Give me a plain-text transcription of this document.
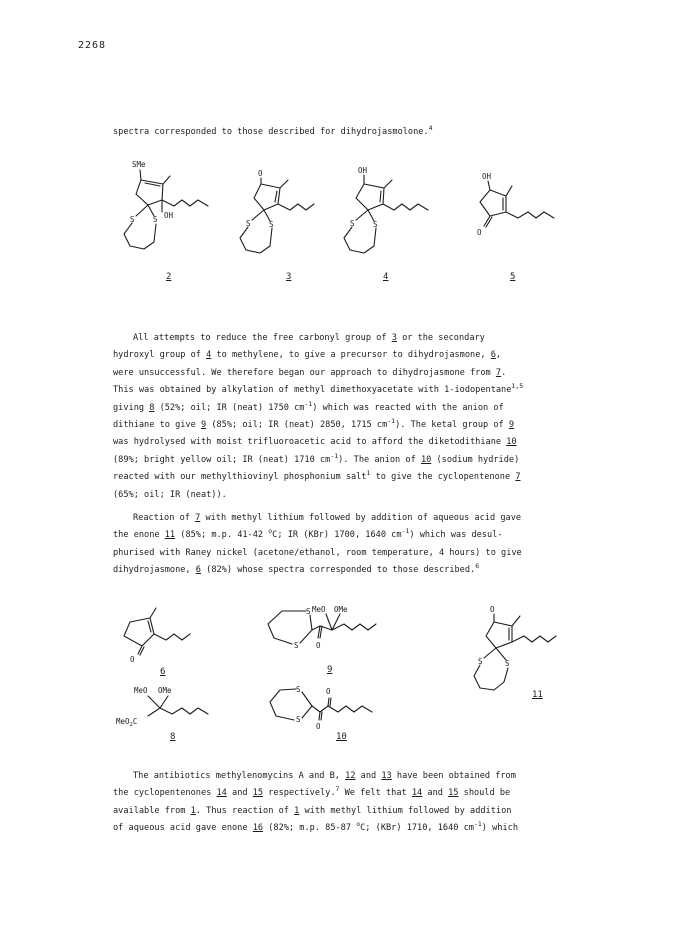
2268
spectra corresponded to those described for dihydrojasmolone.$^4$
SMe
OH
S S
2
O
S S
3
OH
S S
4
OH
O
5

All attempts to reduce the free carbonyl group of 3 or the secondary

hydroxyl group of 4 to methylene, to give a precursor to dihydrojasmone, 6,

were unsuccessful. We therefore began our approach to dihydrojasmone from 7.

This was obtained by alkylation of methyl dimethoxyacetate with 1-iodopentane$^{1,5}$

giving 8 (52%; oil; IR (neat) 1750 $cm^{-1}$) which was reacted with the anion of

dithiane to give 9 (85%; oil; IR (neat) 2850, 1715 $cm^{-1}$). The ketal group of 9

was hydrolysed with moist trifluoroacetic acid to afford the diketodithiane 10

(89%; bright yellow oil; IR (neat) 1710 $cm^{-1}$). The anion of 10 (sodium hydride)

reacted with our methylthiovinyl phosphonium salt$^1$ to give the cyclopentenone 7

(65%; oil; IR (neat)).

Reaction of 7 with methyl lithium followed by addition of aqueous acid gave

the enone 11 (85%; m.p. 41-42 $^o$C; IR (KBr) 1700, 1640 $cm^{-1}$) which was desul-

phurised with Raney nickel (acetone/ethanol, room temperature, 4 hours) to give

dihydrojasmone, 6 (82%) whose spectra corresponded to those described.$^6$

O
6
S
S O
MeO OMe
9
O
S	S
11
MeO OMe
MeO$_2$C
8
S
S
O
O
10

The antibiotics methylenomycins A and B, 12 and 13 have been obtained from

the cyclopentenones 14 and 15 respectively.$^7$ We felt that 14 and 15 should be

available from 1. Thus reaction of 1 with methyl lithium followed by addition

of aqueous acid gave enone 16 (82%; m.p. 85-87 $^o$C; (KBr) 1710, 1640 $cm^{-1}$) which
